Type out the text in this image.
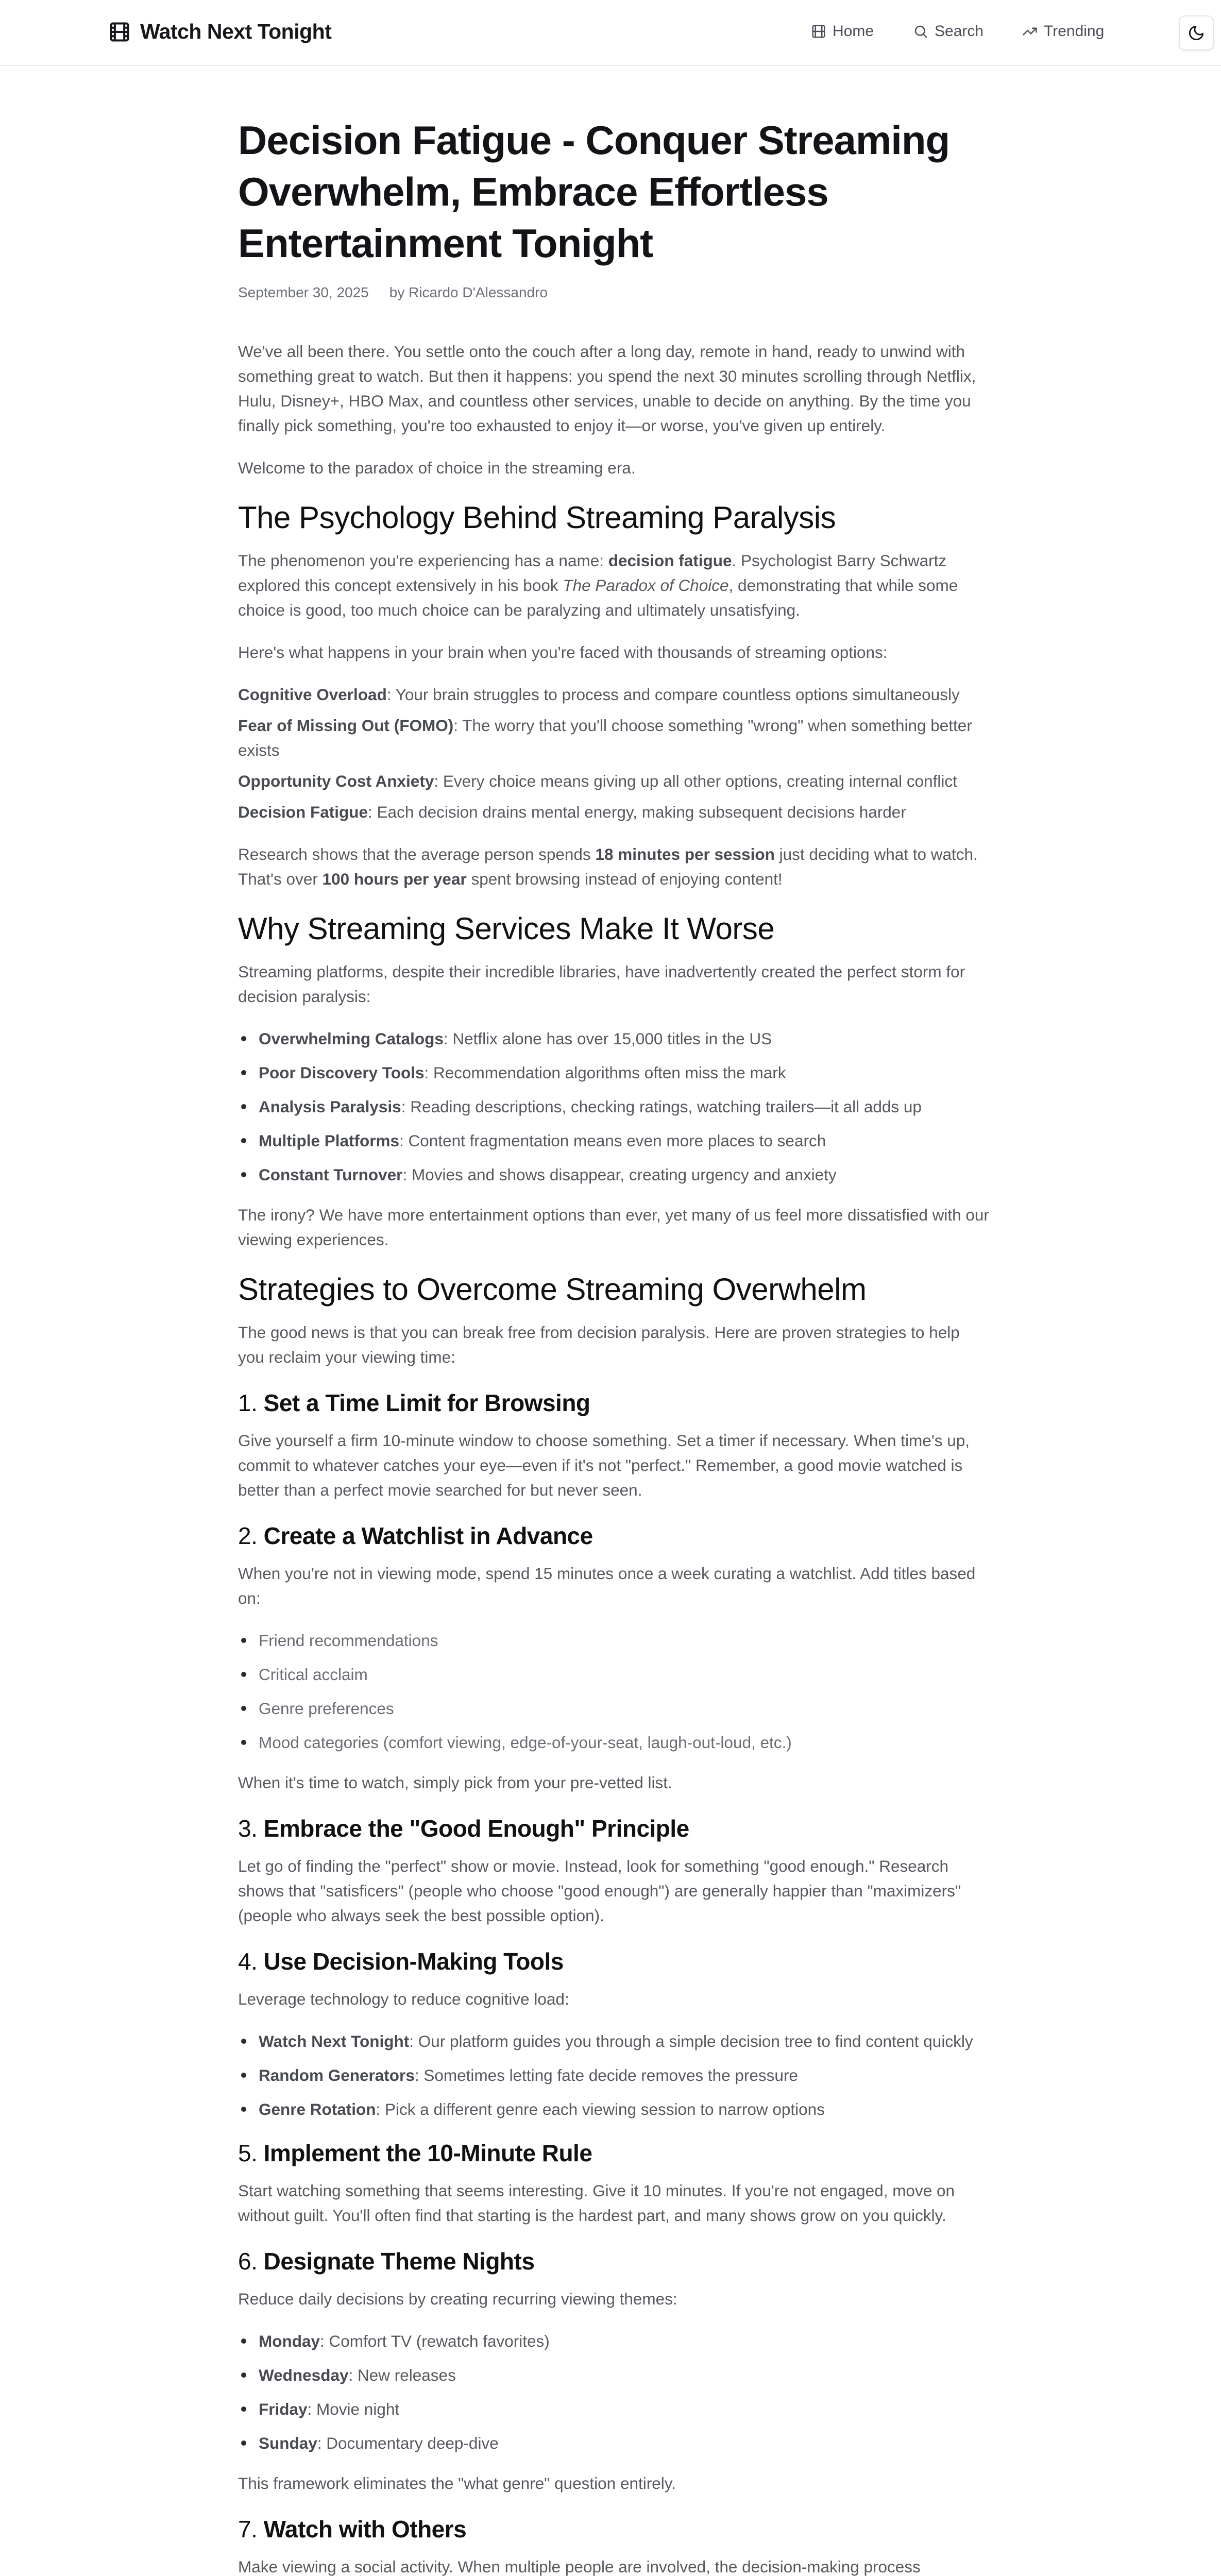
Watch Next Tonight	Home	Search	Trending
Decision Fatigue - Conquer Streaming Overwhelm, Embrace Effortless Entertainment Tonight
September 30, 2025 by Ricardo D'Alessandro

We've all been there. You settle onto the couch after a long day, remote in hand, ready to unwind with something great to watch. But then it happens: you spend the next 30 minutes scrolling through Netflix, Hulu, Disney+, HBO Max, and countless other services, unable to decide on anything. By the time you finally pick something, you're too exhausted to enjoy it—or worse, you've given up entirely.

Welcome to the paradox of choice in the streaming era.

The Psychology Behind Streaming Paralysis

The phenomenon you're experiencing has a name: decision fatigue. Psychologist Barry Schwartz explored this concept extensively in his book The Paradox of Choice, demonstrating that while some choice is good, too much choice can be paralyzing and ultimately unsatisfying.

Here's what happens in your brain when you're faced with thousands of streaming options:

Cognitive Overload: Your brain struggles to process and compare countless options simultaneously

Fear of Missing Out (FOMO): The worry that you'll choose something "wrong" when something better exists

Opportunity Cost Anxiety: Every choice means giving up all other options, creating internal conflict

Decision Fatigue: Each decision drains mental energy, making subsequent decisions harder

Research shows that the average person spends 18 minutes per session just deciding what to watch. That's over 100 hours per year spent browsing instead of enjoying content!

Why Streaming Services Make It Worse

Streaming platforms, despite their incredible libraries, have inadvertently created the perfect storm for decision paralysis:

Overwhelming Catalogs: Netflix alone has over 15,000 titles in the US
Poor Discovery Tools: Recommendation algorithms often miss the mark
Analysis Paralysis: Reading descriptions, checking ratings, watching trailers—it all adds up
Multiple Platforms: Content fragmentation means even more places to search
Constant Turnover: Movies and shows disappear, creating urgency and anxiety

The irony? We have more entertainment options than ever, yet many of us feel more dissatisfied with our viewing experiences.

Strategies to Overcome Streaming Overwhelm

The good news is that you can break free from decision paralysis. Here are proven strategies to help you reclaim your viewing time:

1. Set a Time Limit for Browsing

Give yourself a firm 10-minute window to choose something. Set a timer if necessary. When time's up, commit to whatever catches your eye—even if it's not "perfect." Remember, a good movie watched is better than a perfect movie searched for but never seen.

2. Create a Watchlist in Advance

When you're not in viewing mode, spend 15 minutes once a week curating a watchlist. Add titles based on:

Friend recommendations
Critical acclaim
Genre preferences
Mood categories (comfort viewing, edge-of-your-seat, laugh-out-loud, etc.)

When it's time to watch, simply pick from your pre-vetted list.

3. Embrace the "Good Enough" Principle

Let go of finding the "perfect" show or movie. Instead, look for something "good enough." Research shows that "satisficers" (people who choose "good enough") are generally happier than "maximizers" (people who always seek the best possible option).

4. Use Decision-Making Tools

Leverage technology to reduce cognitive load:

Watch Next Tonight: Our platform guides you through a simple decision tree to find content quickly
Random Generators: Sometimes letting fate decide removes the pressure
Genre Rotation: Pick a different genre each viewing session to narrow options
5. Implement the 10-Minute Rule

Start watching something that seems interesting. Give it 10 minutes. If you're not engaged, move on without guilt. You'll often find that starting is the hardest part, and many shows grow on you quickly.

6. Designate Theme Nights

Reduce daily decisions by creating recurring viewing themes:

Monday: Comfort TV (rewatch favorites)
Wednesday: New releases
Friday: Movie night
Sunday: Documentary deep-dive

This framework eliminates the "what genre" question entirely.

7. Watch with Others

Make viewing a social activity. When multiple people are involved, the decision-making process
